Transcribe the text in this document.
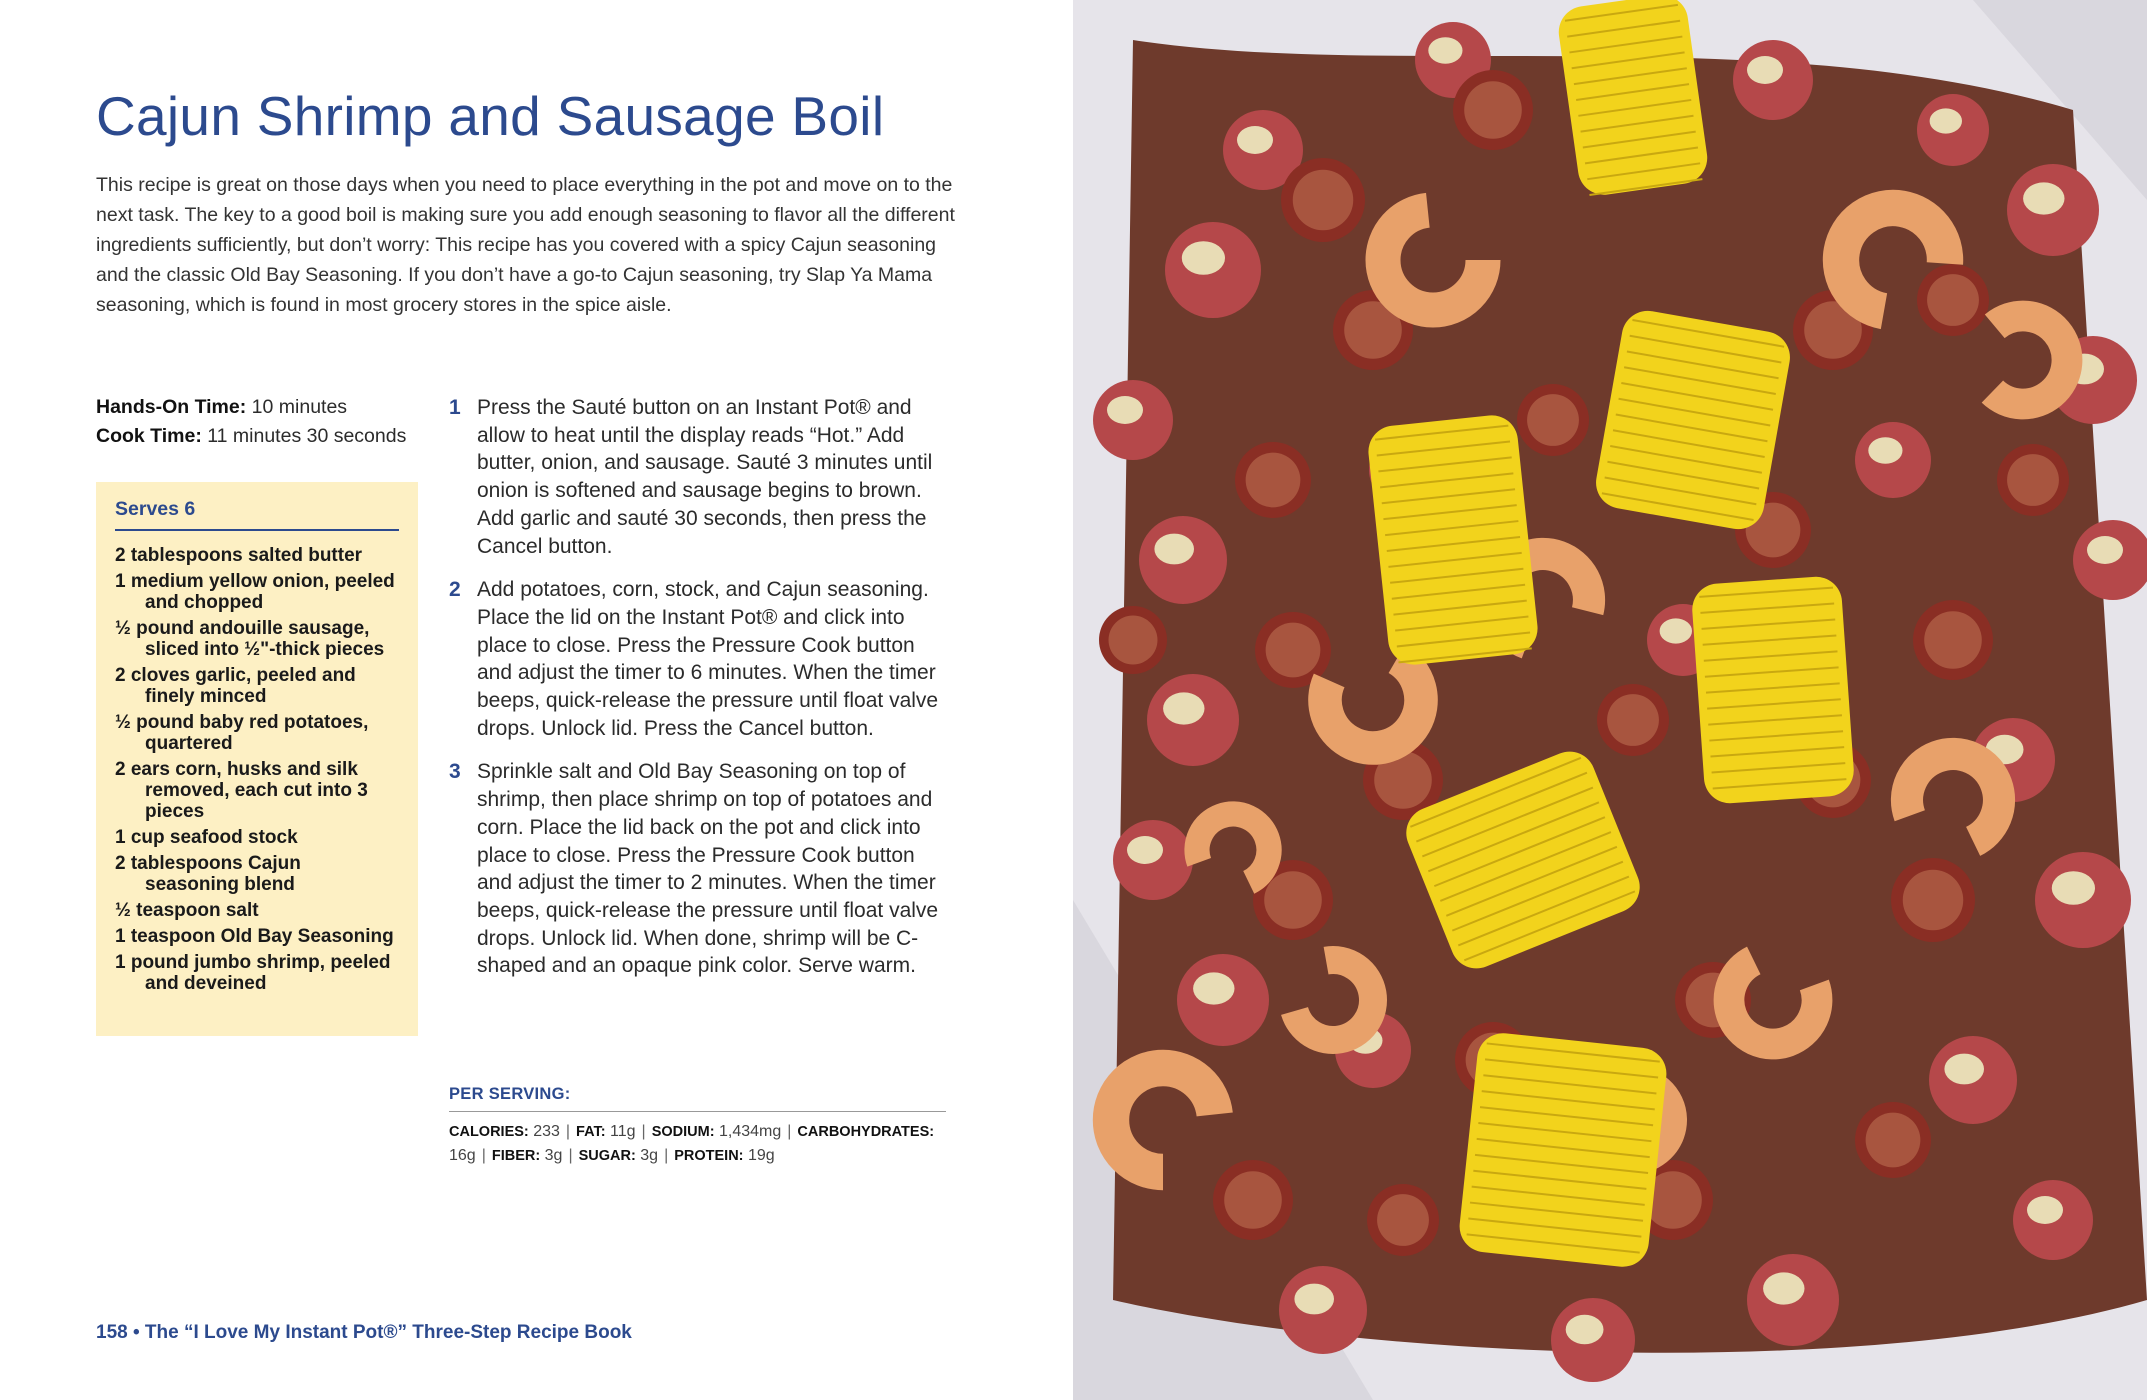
Cajun Shrimp and Sausage Boil

This recipe is great on those days when you need to place everything in the pot and move on to the next task. The key to a good boil is making sure you add enough seasoning to flavor all the different ingredients sufficiently, but don’t worry: This recipe has you covered with a spicy Cajun seasoning and the classic Old Bay Seasoning. If you don’t have a go-to Cajun seasoning, try Slap Ya Mama seasoning, which is found in most grocery stores in the spice aisle.

Hands-On Time: 10 minutes
Cook Time: 11 minutes 30 seconds
Serves 6
2 tablespoons salted butter
1 medium yellow onion, peeled and chopped
½ pound andouille sausage, sliced into ½"-thick pieces
2 cloves garlic, peeled and finely minced
½ pound baby red potatoes, quartered
2 ears corn, husks and silk removed, each cut into 3 pieces
1 cup seafood stock
2 tablespoons Cajun seasoning blend
½ teaspoon salt
1 teaspoon Old Bay Seasoning
1 pound jumbo shrimp, peeled and deveined
1 Press the Sauté button on an Instant Pot® and allow to heat until the display reads “Hot.” Add butter, onion, and sausage. Sauté 3 minutes until onion is softened and sausage begins to brown. Add garlic and sauté 30 seconds, then press the Cancel button.
2 Add potatoes, corn, stock, and Cajun seasoning. Place the lid on the Instant Pot® and click into place to close. Press the Pressure Cook button and adjust the timer to 6 minutes. When the timer beeps, quick-release the pressure until float valve drops. Unlock lid. Press the Cancel button.
3 Sprinkle salt and Old Bay Seasoning on top of shrimp, then place shrimp on top of potatoes and corn. Place the lid back on the pot and click into place to close. Press the Pressure Cook button and adjust the timer to 2 minutes. When the timer beeps, quick-release the pressure until float valve drops. Unlock lid. When done, shrimp will be C-shaped and an opaque pink color. Serve warm.
PER SERVING:
CALORIES: 233 | FAT: 11g | SODIUM: 1,434mg | CARBOHYDRATES: 16g | FIBER: 3g | SUGAR: 3g | PROTEIN: 19g
158 • The “I Love My Instant Pot®” Three-Step Recipe Book
